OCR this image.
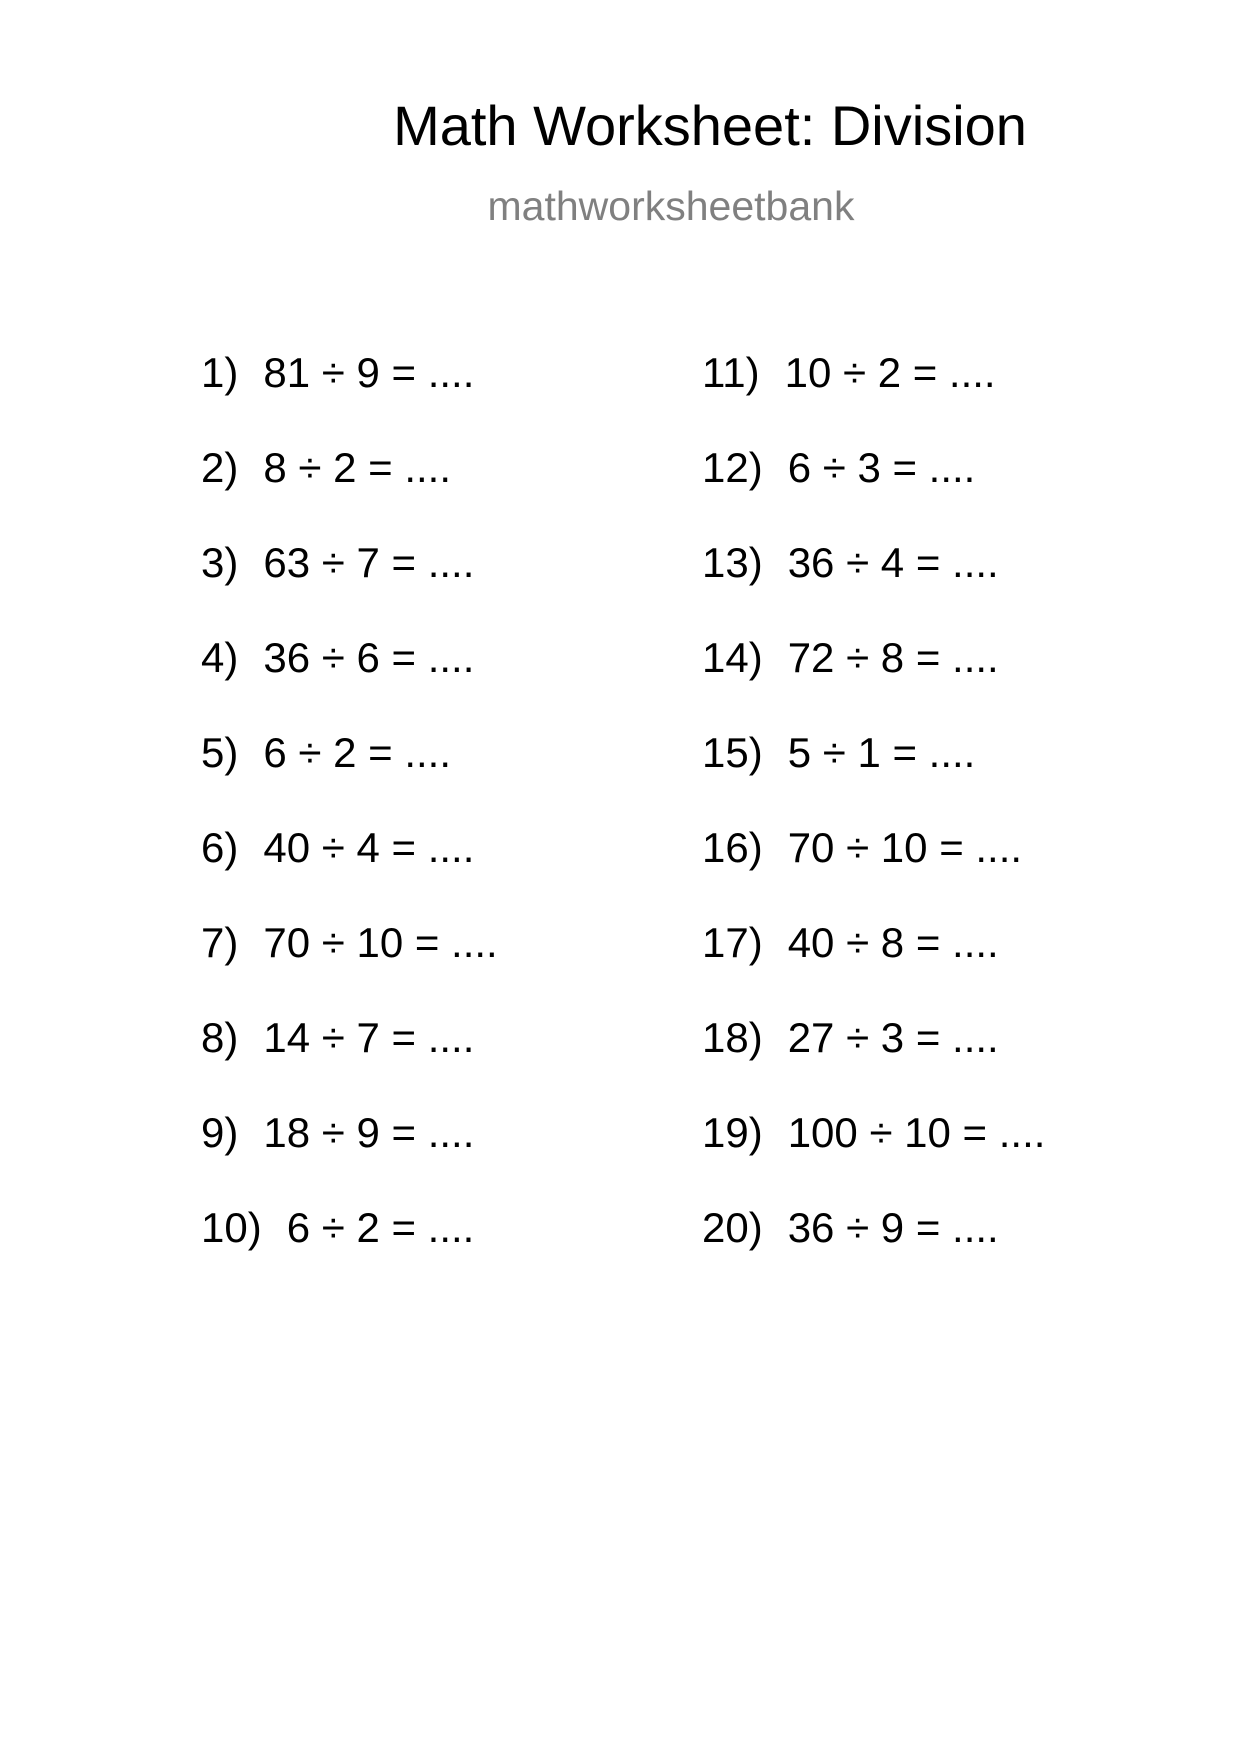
Math Worksheet: Division
mathworksheetbank
1) 81 ÷ 9 = ....
2) 8 ÷ 2 = ....
3) 63 ÷ 7 = ....
4) 36 ÷ 6 = ....
5) 6 ÷ 2 = ....
6) 40 ÷ 4 = ....
7) 70 ÷ 10 = ....
8) 14 ÷ 7 = ....
9) 18 ÷ 9 = ....
10) 6 ÷ 2 = ....
11) 10 ÷ 2 = ....
12) 6 ÷ 3 = ....
13) 36 ÷ 4 = ....
14) 72 ÷ 8 = ....
15) 5 ÷ 1 = ....
16) 70 ÷ 10 = ....
17) 40 ÷ 8 = ....
18) 27 ÷ 3 = ....
19) 100 ÷ 10 = ....
20) 36 ÷ 9 = ....
